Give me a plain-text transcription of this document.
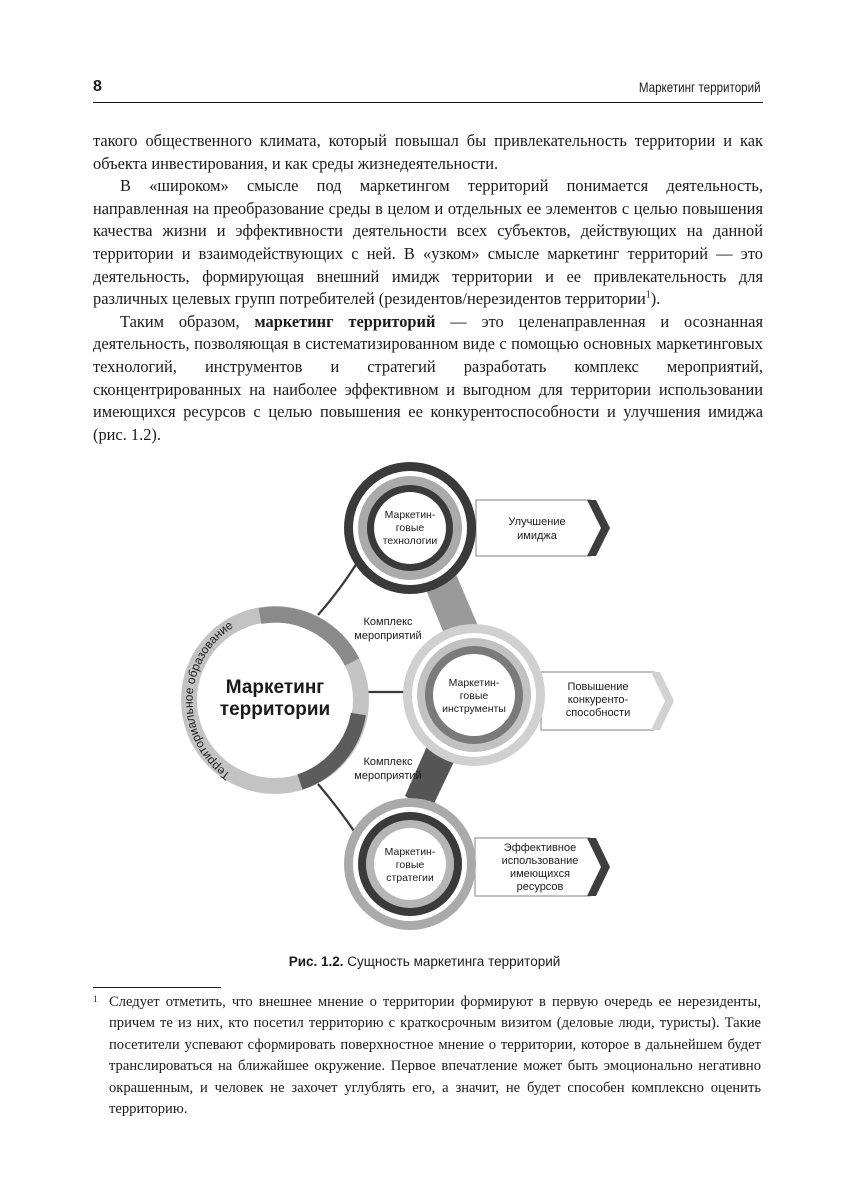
8	Маркетинг территорий

такого общественного климата, который повышал бы привлекательность территории и как объекта инвестирования, и как среды жизнедеятельности.

В «широком» смысле под маркетингом территорий понимается деятельность, направленная на преобразование среды в целом и отдельных ее элементов с целью повышения качества жизни и эффективности деятельности всех субъектов, действующих на данной территории и взаимодействующих с ней. В «узком» смысле маркетинг территорий — это деятельность, формирующая внешний имидж территории и ее привлекательность для различных целевых групп потребителей (резидентов/нерезидентов территории$^1$).

Таким образом, маркетинг территорий — это целенаправленная и осознанная деятельность, позволяющая в систематизированном виде с помощью основных маркетинговых технологий, инструментов и стратегий разработать комплекс мероприятий, сконцентрированных на наиболее эффективном и выгодном для территории использовании имеющихся ресурсов с целью повышения ее конкурентоспособности и улучшения имиджа (рис. 1.2).

Территориальное образование
Маркетинг
территории
Комплекс
мероприятий
Комплекс
мероприятий
Улучшение
имиджа
Повышение
конкуренто-
способности
Эффективное
использование
имеющихся
ресурсов
Маркетин-
говые
технологии
Маркетин-
говые
инструменты
Маркетин-
говые
стратегии
Рис. 1.2. Сущность маркетинга территорий
1 Следует отметить, что внешнее мнение о территории формируют в первую очередь ее нерезиденты, причем те из них, кто посетил территорию с краткосрочным визитом (деловые люди, туристы). Такие посетители успевают сформировать поверхностное мнение о территории, которое в дальнейшем будет транслироваться на ближайшее окружение. Первое впечатление может быть эмоционально негативно окрашенным, и человек не захочет углублять его, а значит, не будет способен комплексно оценить территорию.
